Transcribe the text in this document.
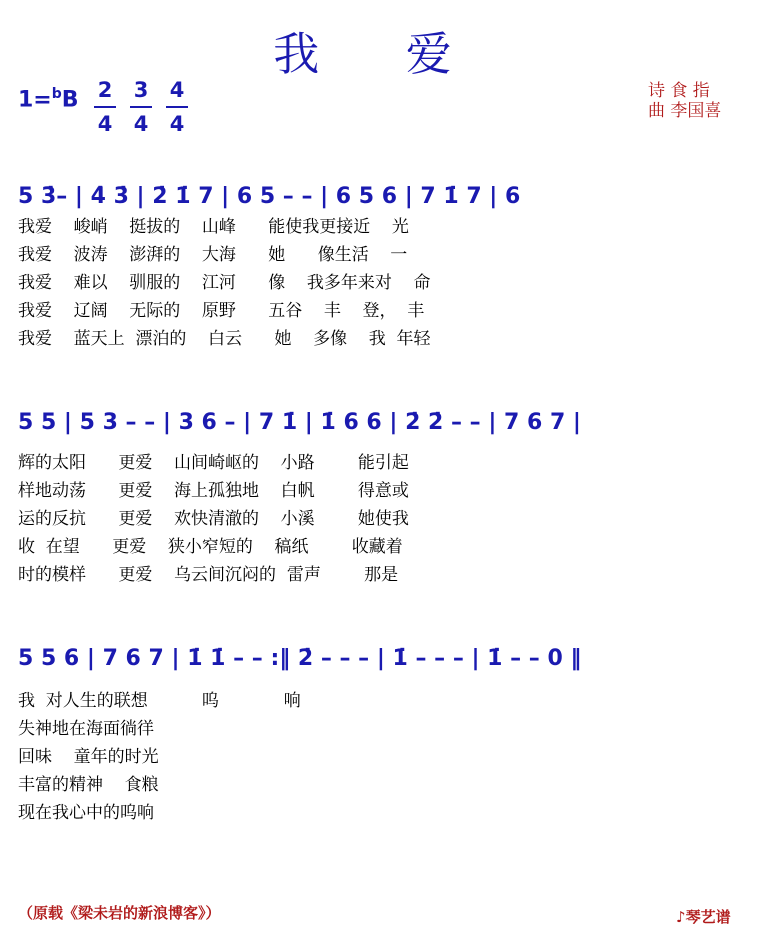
我 爱
1=$^b$B 2
4
3
4
4
4
诗 食 指
曲 李国喜
5 3̇– | 4̇ 3̇ | 2̇ 1̇ 7 | 6 5 – – | 6 5 6 | 7 1̇ 7 | 6
我爱    峻峭    挺拔的    山峰      能使我更接近    光
我爱    波涛    澎湃的    大海      她      像生活    一
我爱    难以    驯服的    江河      像    我多年来对    命
我爱    辽阔    无际的    原野      五谷    丰    登，  丰
我爱    蓝天上  漂泊的    白云      她    多像    我  年轻
5 5 | 5 3 – – | 3 6 – | 7 1̇ | 1̇ 6 6 | 2̇ 2̇ – – | 7 6 7 |
辉的太阳      更爱    山间崎岖的    小路        能引起
样地动荡      更爱    海上孤独地    白帆        得意或
运的反抗      更爱    欢快清澈的    小溪        她使我
收  在望      更爱    狭小窄短的    稿纸        收藏着
时的模样      更爱    乌云间沉闷的  雷声        那是
5 5 6 | 7 6 7 | 1̇ 1̇ – – :‖ 2̇ – – – | 1̇ – – – | 1̇ – – 0 ‖
我  对人生的联想          呜            响
失神地在海面徜徉
回味    童年的时光
丰富的精神    食粮
现在我心中的呜响
（原载《梁未岩的新浪博客》）	♪琴艺谱
